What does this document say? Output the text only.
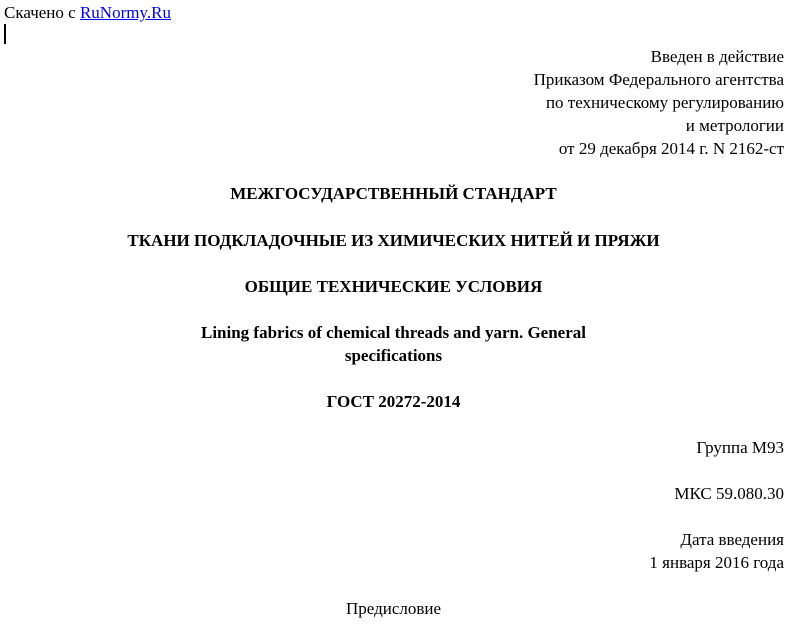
Скачено с RuNormy.Ru
Введен в действие
Приказом Федерального агентства
по техническому регулированию
и метрологии
от 29 декабря 2014 г. N 2162-ст
МЕЖГОСУДАРСТВЕННЫЙ СТАНДАРТ
ТКАНИ ПОДКЛАДОЧНЫЕ ИЗ ХИМИЧЕСКИХ НИТЕЙ И ПРЯЖИ
ОБЩИЕ ТЕХНИЧЕСКИЕ УСЛОВИЯ
Lining fabrics of chemical threads and yarn. General
specifications
ГОСТ 20272-2014
Группа М93
МКС 59.080.30
Дата введения
1 января 2016 года
Предисловие
